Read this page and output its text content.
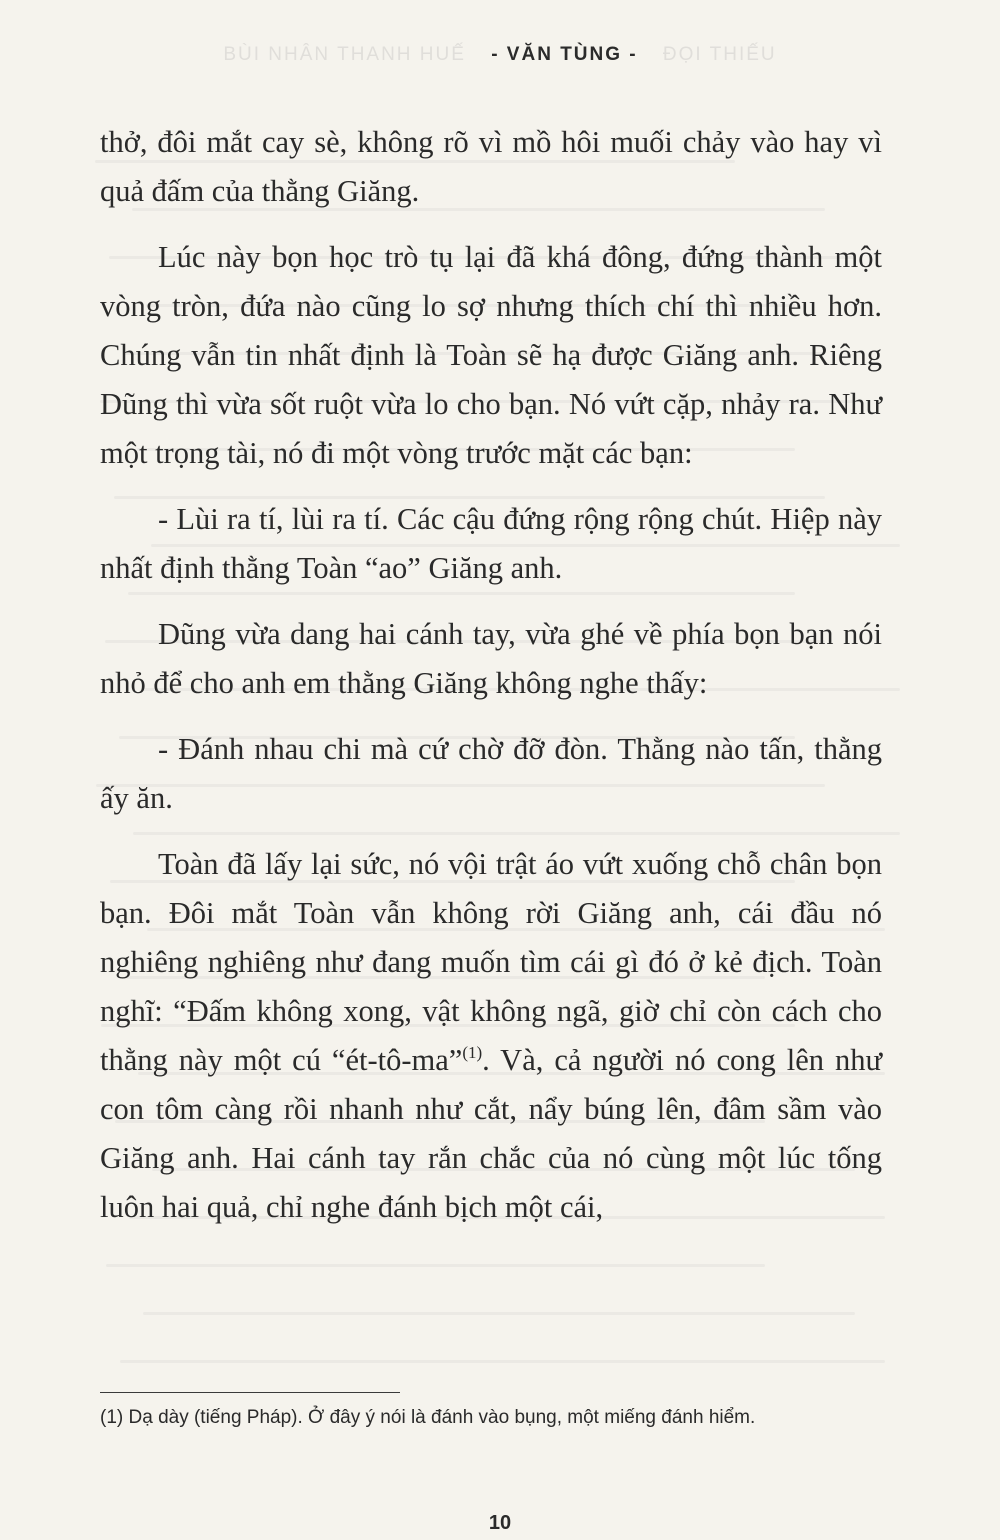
BÙI NHÂN THANH HUẾ - VĂN TÙNG - ĐỌI THIẾU

thở, đôi mắt cay sè, không rõ vì mồ hôi muối chảy vào hay vì quả đấm của thằng Giăng.

Lúc này bọn học trò tụ lại đã khá đông, đứng thành một vòng tròn, đứa nào cũng lo sợ nhưng thích chí thì nhiều hơn. Chúng vẫn tin nhất định là Toàn sẽ hạ được Giăng anh. Riêng Dũng thì vừa sốt ruột vừa lo cho bạn. Nó vứt cặp, nhảy ra. Như một trọng tài, nó đi một vòng trước mặt các bạn:

- Lùi ra tí, lùi ra tí. Các cậu đứng rộng rộng chút. Hiệp này nhất định thằng Toàn “ao” Giăng anh.

Dũng vừa dang hai cánh tay, vừa ghé về phía bọn bạn nói nhỏ để cho anh em thằng Giăng không nghe thấy:

- Đánh nhau chi mà cứ chờ đỡ đòn. Thằng nào tấn, thằng ấy ăn.

Toàn đã lấy lại sức, nó vội trật áo vứt xuống chỗ chân bọn bạn. Đôi mắt Toàn vẫn không rời Giăng anh, cái đầu nó nghiêng nghiêng như đang muốn tìm cái gì đó ở kẻ địch. Toàn nghĩ: “Đấm không xong, vật không ngã, giờ chỉ còn cách cho thằng này một cú “ét-tô-ma”$^{(1)}$. Và, cả người nó cong lên như con tôm càng rồi nhanh như cắt, nẩy búng lên, đâm sầm vào Giăng anh. Hai cánh tay rắn chắc của nó cùng một lúc tống luôn hai quả, chỉ nghe đánh bịch một cái,

(1) Dạ dày (tiếng Pháp). Ở đây ý nói là đánh vào bụng, một miếng đánh hiểm.
10
